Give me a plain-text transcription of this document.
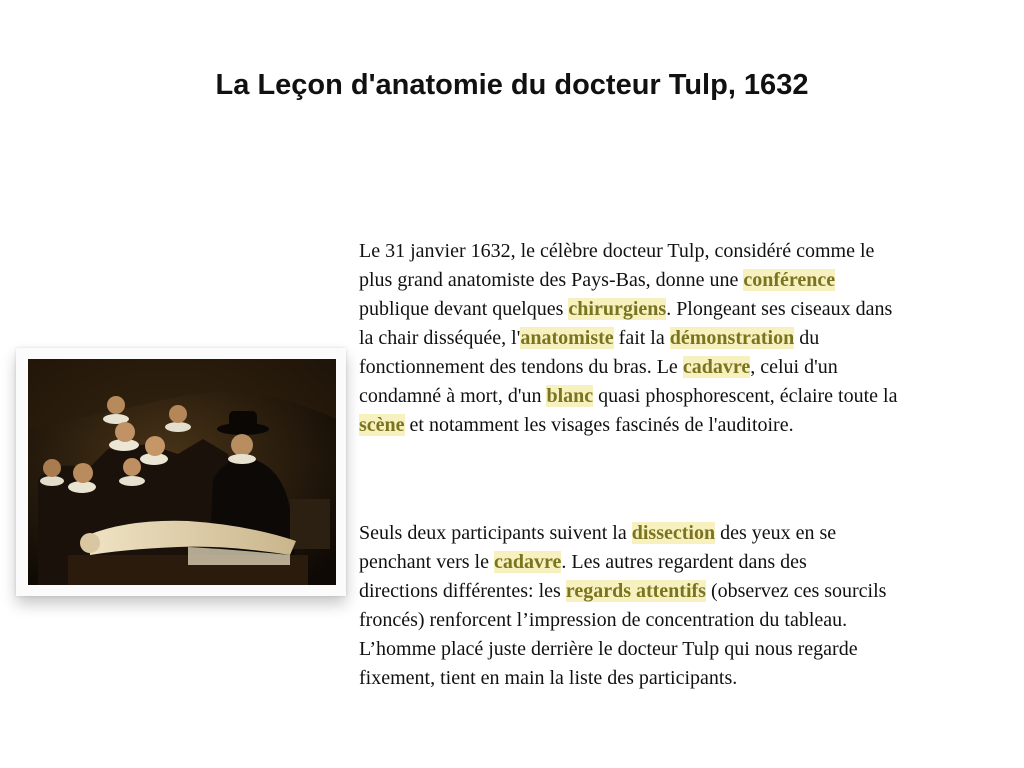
La Leçon d'anatomie du docteur Tulp, 1632

Le 31 janvier 1632, le célèbre docteur Tulp, considéré comme le
plus grand anatomiste des Pays-Bas, donne une conférence
publique devant quelques chirurgiens. Plongeant ses ciseaux dans
la chair disséquée, l'anatomiste fait la démonstration du
fonctionnement des tendons du bras. Le cadavre, celui d'un
condamné à mort, d'un blanc quasi phosphorescent, éclaire toute la
scène et notamment les visages fascinés de l'auditoire.

Seuls deux participants suivent la dissection des yeux en se
penchant vers le cadavre. Les autres regardent dans des
directions différentes: les regards attentifs (observez ces sourcils
froncés) renforcent l’impression de concentration du tableau.
L’homme placé juste derrière le docteur Tulp qui nous regarde
fixement, tient en main la liste des participants.
